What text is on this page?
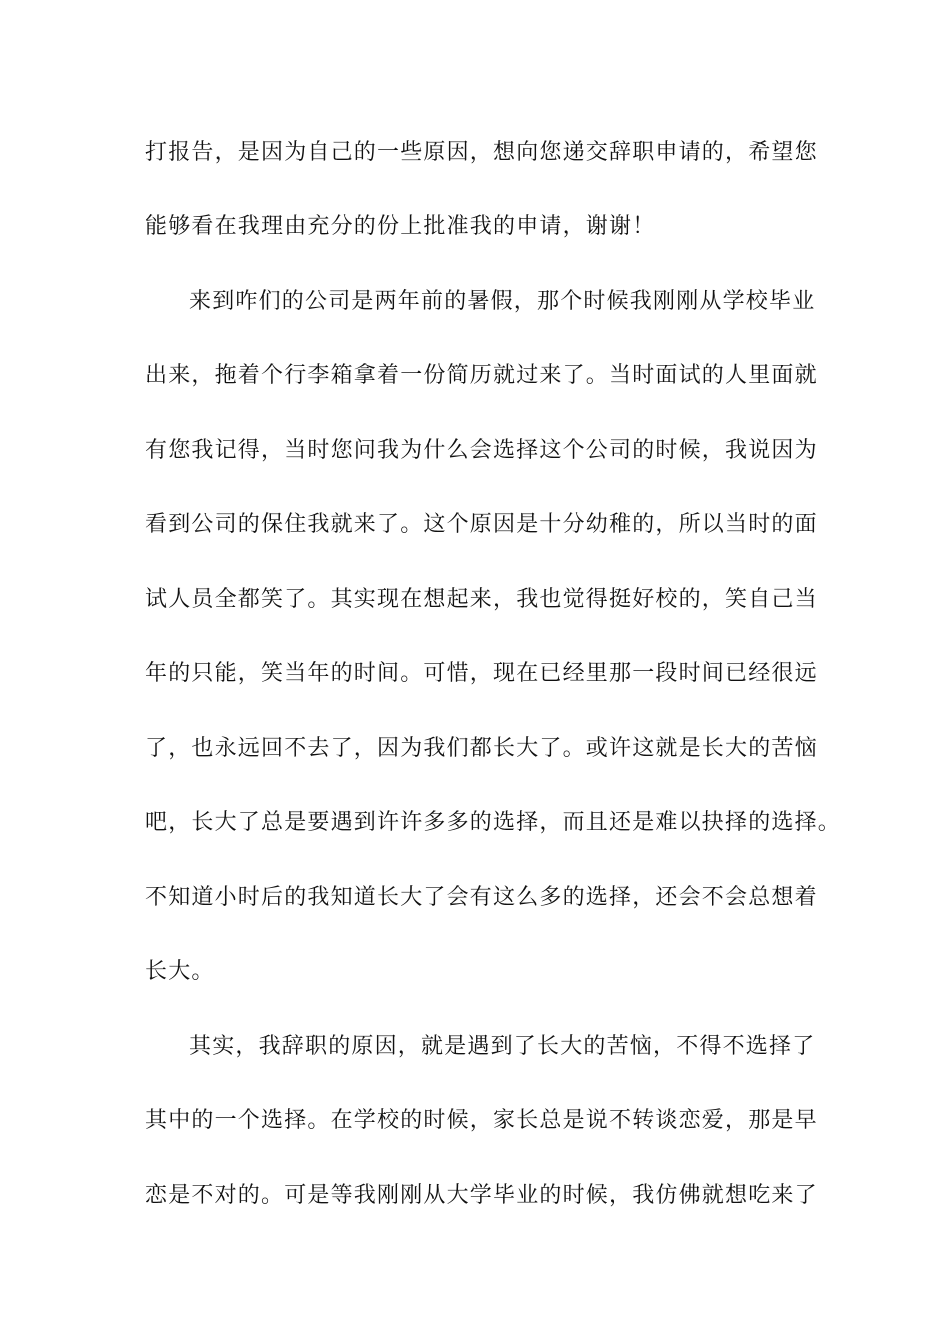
打报告，是因为自己的一些原因，想向您递交辞职申请的，希望您
能够看在我理由充分的份上批准我的申请，谢谢！
来到咋们的公司是两年前的暑假，那个时候我刚刚从学校毕业
出来，拖着个行李箱拿着一份简历就过来了。当时面试的人里面就
有您我记得，当时您问我为什么会选择这个公司的时候，我说因为
看到公司的保住我就来了。这个原因是十分幼稚的，所以当时的面
试人员全都笑了。其实现在想起来，我也觉得挺好校的，笑自己当
年的只能，笑当年的时间。可惜，现在已经里那一段时间已经很远
了，也永远回不去了，因为我们都长大了。或许这就是长大的苦恼
吧，长大了总是要遇到许许多多的选择，而且还是难以抉择的选择。
不知道小时后的我知道长大了会有这么多的选择，还会不会总想着
长大。
其实，我辞职的原因，就是遇到了长大的苦恼，不得不选择了
其中的一个选择。在学校的时候，家长总是说不转谈恋爱，那是早
恋是不对的。可是等我刚刚从大学毕业的时候，我仿佛就想吃来了
